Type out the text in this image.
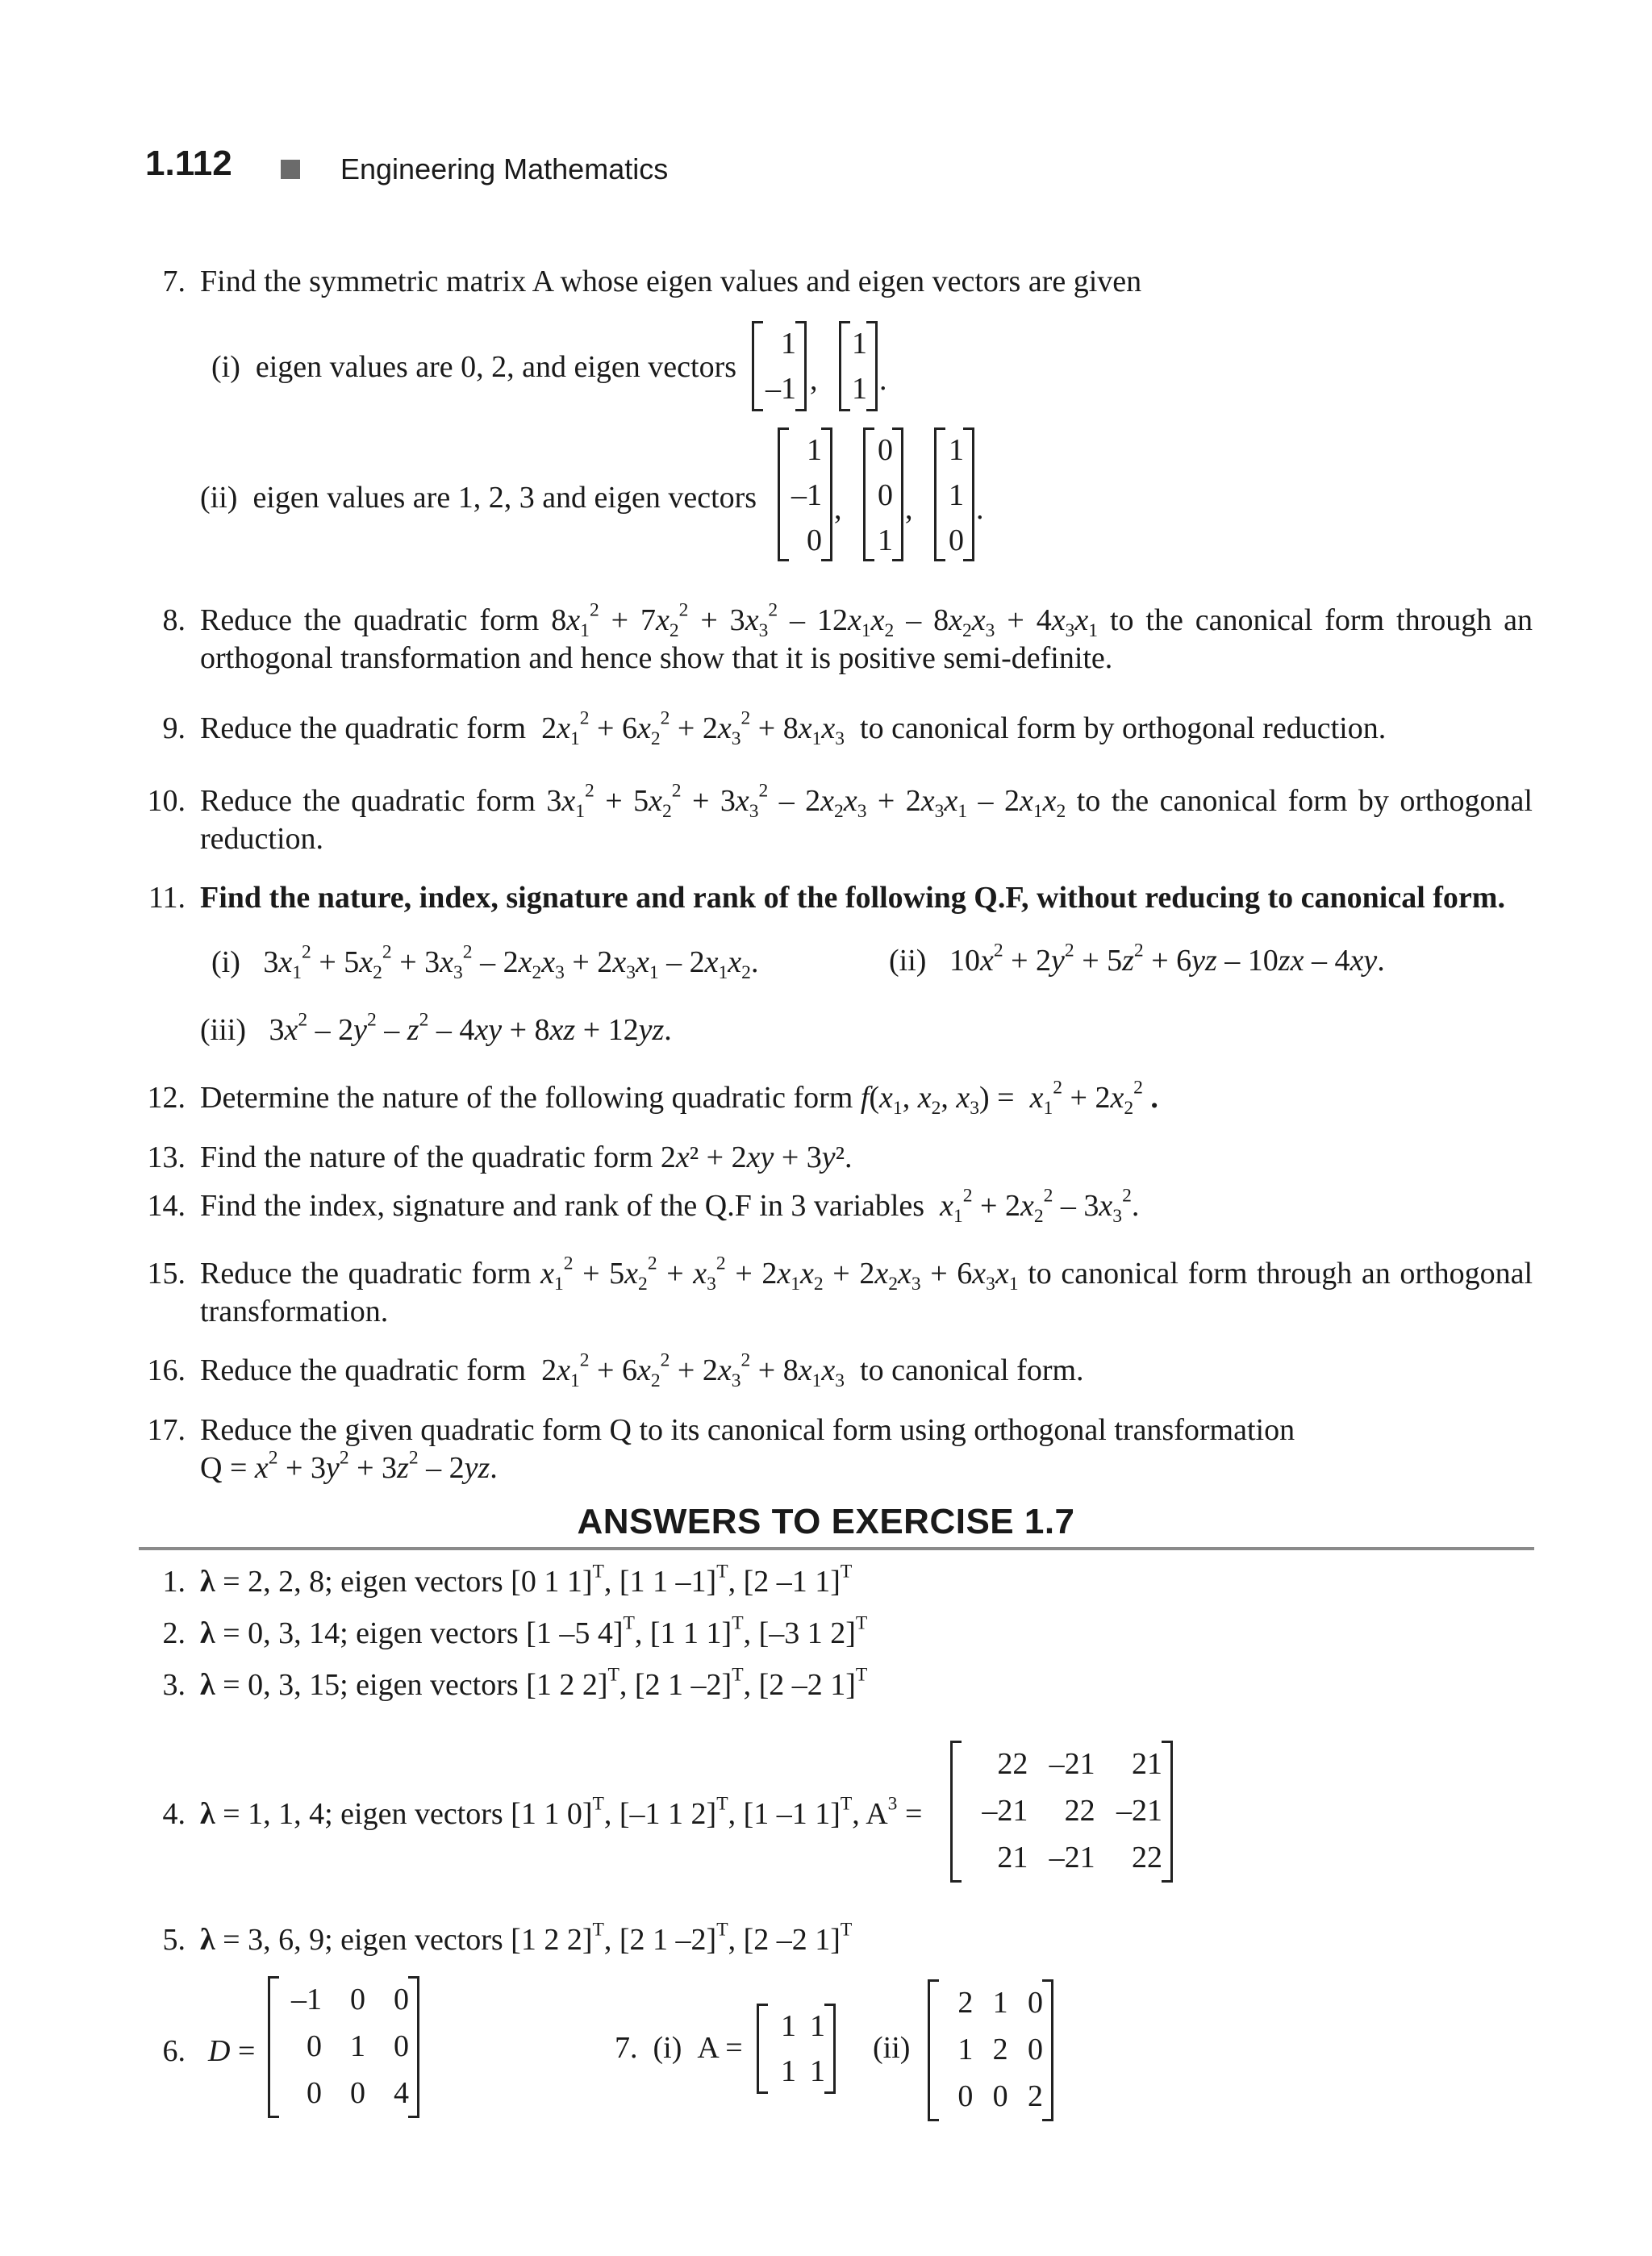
1.112	Engineering Mathematics
7. Find the symmetric matrix A whose eigen values and eigen vectors are given
(i) eigen values are 0, 2, and eigen vectors
1
–1 ,
1
1 .
(ii) eigen values are 1, 2, 3 and eigen vectors
1
–1
0
,
0
0
1
,
1
1
0
.
8. Reduce the quadratic form $8x_1^2 + 7x_2^2 + 3x_3^2 - 12x_1x_2 - 8x_2x_3 + 4x_3x_1$ to the canonical form through an
orthogonal transformation and hence show that it is positive semi-definite.
9. Reduce the quadratic form  $2x_1^2 + 6x_2^2 + 2x_3^2 + 8x_1x_3$ to canonical form by orthogonal reduction.
10. Reduce the quadratic form $3x_1^2 + 5x_2^2 + 3x_3^2 - 2x_2x_3 + 2x_3x_1 - 2x_1x_2$ to the canonical form by orthogonal
reduction.
11. Find the nature, index, signature and rank of the following Q.F, without reducing to canonical form.
(i)   $3x_1^2 + 5x_2^2 + 3x_3^2 - 2x_2x_3 + 2x_3x_1 - 2x_1x_2$.	(ii)   $10x^2 + 2y^2 + 5z^2 + 6yz - 10zx - 4xy$.
(iii)   $3x^2 - 2y^2 - z^2 - 4xy + 8xz + 12yz$.
12. Determine the nature of the following quadratic form $f(x_1$, $x_2$, $x_3) = x_1^2 + 2x_2^2$ .
13. Find the nature of the quadratic form 2x² + 2xy + 3y².
14. Find the index, signature and rank of the Q.F in 3 variables $x_1^2 + 2x_2^2 - 3x_3^2$.
15. Reduce the quadratic form $x_1^2 + 5x_2^2 + x_3^2 + 2x_1x_2 + 2x_2x_3 + 6x_3x_1$ to canonical form through an orthogonal
transformation.
16. Reduce the quadratic form  $2x_1^2 + 6x_2^2 + 2x_3^2 + 8x_1x_3$ to canonical form.
17. Reduce the given quadratic form Q to its canonical form using orthogonal transformation
$Q = x^2 + 3y^2 + 3z^2 - 2yz$.
ANSWERS TO EXERCISE 1.7
1. λ = 2, 2, 8; eigen vectors [0 1 1]$^T$, [1 1 –1]$^T$, [2 –1 1]$^T$
2. λ = 0, 3, 14; eigen vectors [1 –5 4]$^T$, [1 1 1]$^T$, [–3 1 2]$^T$
3. λ = 0, 3, 15; eigen vectors [1 2 2]$^T$, [2 1 –2]$^T$, [2 –2 1]$^T$
4. λ = 1, 1, 4; eigen vectors [1 1 0]$^T$, [–1 1 2]$^T$, [1 –1 1]$^T$, $A^3$ =
22 –21	21
–21	22 –21
21 –21	22
5. λ = 3, 6, 9; eigen vectors [1 2 2]$^T$, [2 1 –2]$^T$, [2 –2 1]$^T$
6. D =
–1 0 0
0 1 0
0 0 4
7. (i) A =
1 1
1 1
(ii)
2 1 0
1 2 0
0 0 2
